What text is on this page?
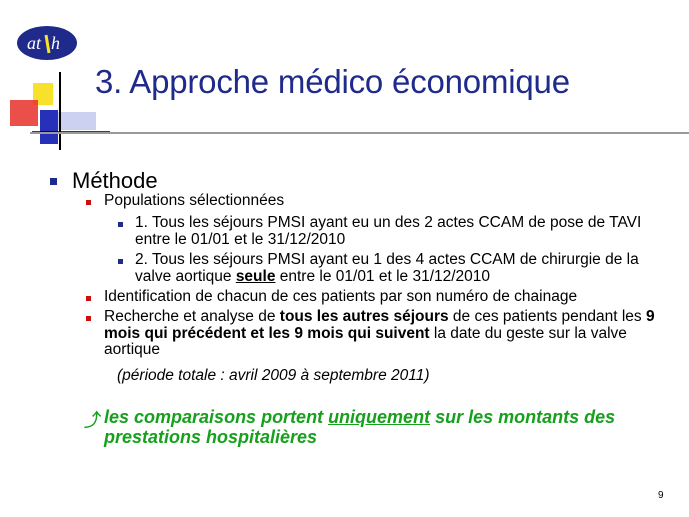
at h
3. Approche médico économique
Méthode
Populations sélectionnées
1. Tous les séjours PMSI ayant eu un des 2 actes CCAM de pose de TAVI entre le 01/01 et le 31/12/2010
2. Tous les séjours PMSI ayant eu 1 des 4 actes CCAM de chirurgie de la valve aortique seule entre le 01/01 et le 31/12/2010
Identification de chacun de ces patients par son numéro de chainage
Recherche et analyse de tous les autres séjours de ces patients pendant les 9 mois qui précédent et les 9 mois qui suivent la date du geste sur la valve aortique
(période totale : avril 2009 à septembre 2011)
⤴ les comparaisons portent uniquement sur les montants des prestations hospitalières
9
